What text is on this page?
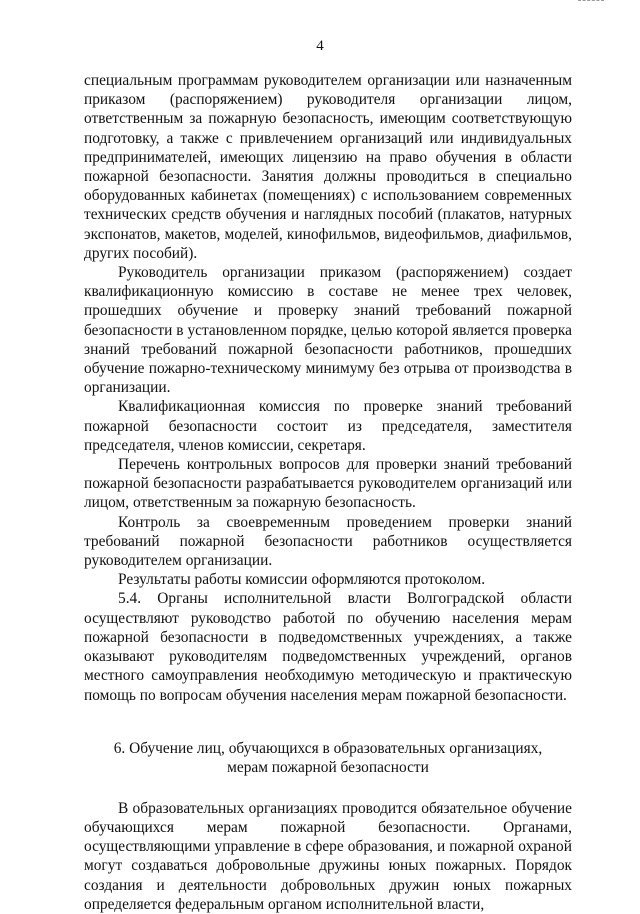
4

специальным программам руководителем организации или назначенным приказом (распоряжением) руководителя организации лицом, ответственным за пожарную безопасность, имеющим соответствующую подготовку, а также с привлечением организаций или индивидуальных предпринимателей, имеющих лицензию на право обучения в области пожарной безопасности. Занятия должны проводиться в специально оборудованных кабинетах (помещениях) с использованием современных технических средств обучения и наглядных пособий (плакатов, натурных экспонатов, макетов, моделей, кинофильмов, видеофильмов, диафильмов, других пособий).

Руководитель организации приказом (распоряжением) создает квалификационную комиссию в составе не менее трех человек, прошедших обучение и проверку знаний требований пожарной безопасности в установленном порядке, целью которой является проверка знаний требований пожарной безопасности работников, прошедших обучение пожарно-техническому минимуму без отрыва от производства в организации.

Квалификационная комиссия по проверке знаний требований пожарной безопасности состоит из председателя, заместителя председателя, членов комиссии, секретаря.

Перечень контрольных вопросов для проверки знаний требований пожарной безопасности разрабатывается руководителем организаций или лицом, ответственным за пожарную безопасность.

Контроль за своевременным проведением проверки знаний требований пожарной безопасности работников осуществляется руководителем организации.

Результаты работы комиссии оформляются протоколом.

5.4. Органы исполнительной власти Волгоградской области осуществляют руководство работой по обучению населения мерам пожарной безопасности в подведомственных учреждениях, а также оказывают руководителям подведомственных учреждений, органов местного самоуправления необходимую методическую и практическую помощь по вопросам обучения населения мерам пожарной безопасности.

6. Обучение лиц, обучающихся в образовательных организациях,
мерам пожарной безопасности

В образовательных организациях проводится обязательное обучение обучающихся мерам пожарной безопасности. Органами, осуществляющими управление в сфере образования, и пожарной охраной могут создаваться добровольные дружины юных пожарных. Порядок создания и деятельности добровольных дружин юных пожарных определяется федеральным органом исполнительной власти,
